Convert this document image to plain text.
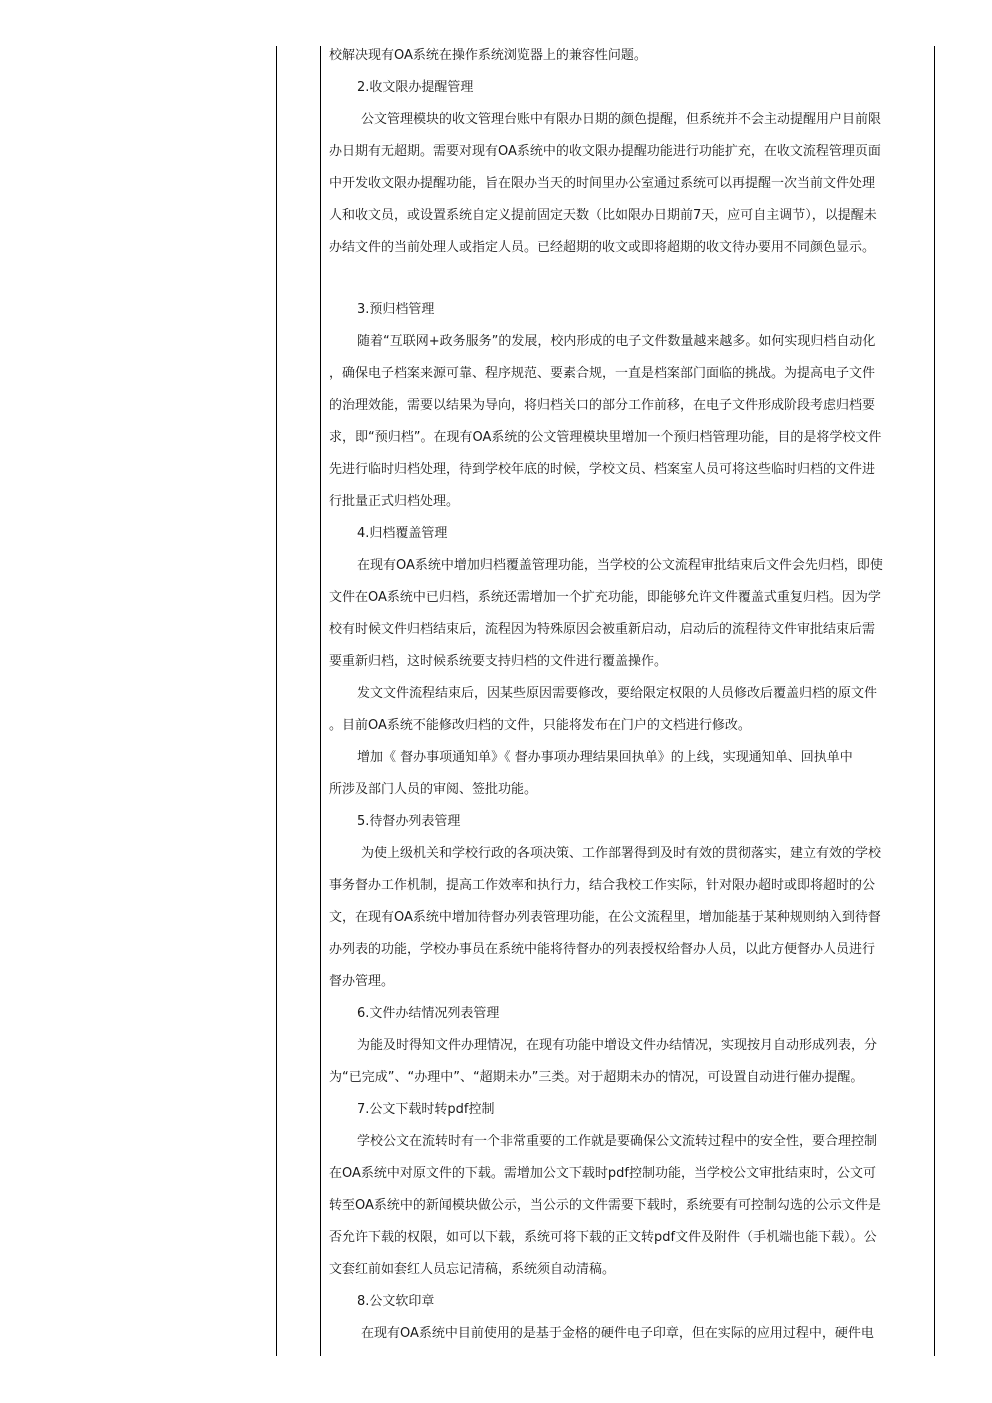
校解决现有OA系统在操作系统浏览器上的兼容性问题。
2.收文限办提醒管理
公文管理模块的收文管理台账中有限办日期的颜色提醒，但系统并不会主动提醒用户目前限
办日期有无超期。需要对现有OA系统中的收文限办提醒功能进行功能扩充，在收文流程管理页面
中开发收文限办提醒功能，旨在限办当天的时间里办公室通过系统可以再提醒一次当前文件处理
人和收文员，或设置系统自定义提前固定天数（比如限办日期前7天，应可自主调节），以提醒未
办结文件的当前处理人或指定人员。已经超期的收文或即将超期的收文待办要用不同颜色显示。
3.预归档管理
随着“互联网+政务服务”的发展，校内形成的电子文件数量越来越多。如何实现归档自动化
，确保电子档案来源可靠、程序规范、要素合规，一直是档案部门面临的挑战。为提高电子文件
的治理效能，需要以结果为导向，将归档关口的部分工作前移，在电子文件形成阶段考虑归档要
求，即“预归档”。在现有OA系统的公文管理模块里增加一个预归档管理功能，目的是将学校文件
先进行临时归档处理，待到学校年底的时候，学校文员、档案室人员可将这些临时归档的文件进
行批量正式归档处理。
4.归档覆盖管理
在现有OA系统中增加归档覆盖管理功能，当学校的公文流程审批结束后文件会先归档，即使
文件在OA系统中已归档，系统还需增加一个扩充功能，即能够允许文件覆盖式重复归档。因为学
校有时候文件归档结束后，流程因为特殊原因会被重新启动，启动后的流程待文件审批结束后需
要重新归档，这时候系统要支持归档的文件进行覆盖操作。
发文文件流程结束后，因某些原因需要修改，要给限定权限的人员修改后覆盖归档的原文件
。目前OA系统不能修改归档的文件，只能将发布在门户的文档进行修改。
增加《 督办事项通知单》《 督办事项办理结果回执单》的上线，实现通知单、回执单中
所涉及部门人员的审阅、签批功能。
5.待督办列表管理
为使上级机关和学校行政的各项决策、工作部署得到及时有效的贯彻落实，建立有效的学校
事务督办工作机制，提高工作效率和执行力，结合我校工作实际，针对限办超时或即将超时的公
文，在现有OA系统中增加待督办列表管理功能，在公文流程里，增加能基于某种规则纳入到待督
办列表的功能，学校办事员在系统中能将待督办的列表授权给督办人员，以此方便督办人员进行
督办管理。
6.文件办结情况列表管理
为能及时得知文件办理情况，在现有功能中增设文件办结情况，实现按月自动形成列表，分
为“已完成”、“办理中”、“超期未办”三类。对于超期未办的情况，可设置自动进行催办提醒。
7.公文下载时转pdf控制
学校公文在流转时有一个非常重要的工作就是要确保公文流转过程中的安全性，要合理控制
在OA系统中对原文件的下载。需增加公文下载时pdf控制功能，当学校公文审批结束时，公文可
转至OA系统中的新闻模块做公示，当公示的文件需要下载时，系统要有可控制勾选的公示文件是
否允许下载的权限，如可以下载，系统可将下载的正文转pdf文件及附件（手机端也能下载）。公
文套红前如套红人员忘记清稿，系统须自动清稿。
8.公文软印章
在现有OA系统中目前使用的是基于金格的硬件电子印章，但在实际的应用过程中，硬件电
